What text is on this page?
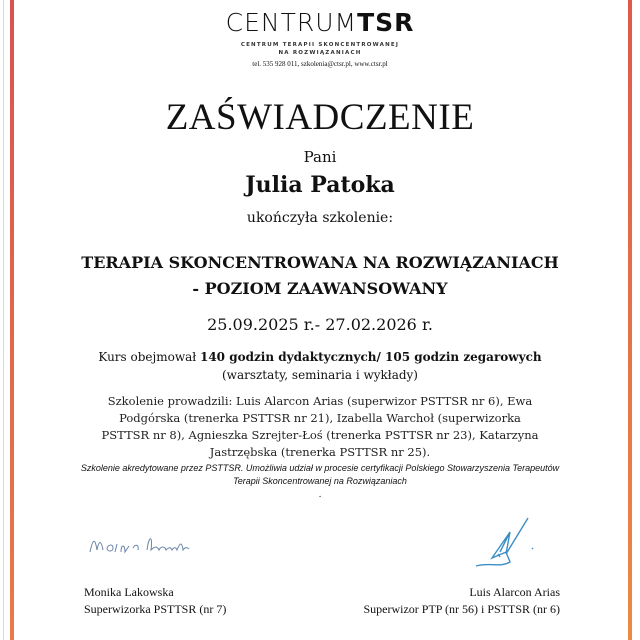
CENTRUMTSR
CENTRUM TERAPII SKONCENTROWANEJ
NA ROZWIĄZANIACH
tel. 535 928 011, szkolenia@ctsr.pl, www.ctsr.pl
ZAŚWIADCZENIE
Pani
Julia Patoka
ukończyła szkolenie:
TERAPIA SKONCENTROWANA NA ROZWIĄZANIACH
- POZIOM ZAAWANSOWANY
25.09.2025 r.- 27.02.2026 r.
Kurs obejmował 140 godzin dydaktycznych/ 105 godzin zegarowych
(warsztaty, seminaria i wykłady)
Szkolenie prowadzili: Luis Alarcon Arias (superwizor PSTTSR nr 6), Ewa Podgórska (trenerka PSTTSR nr 21), Izabella Warchoł (superwizorka PSTTSR nr 8), Agnieszka Szrejter-Łoś (trenerka PSTTSR nr 23), Katarzyna Jastrzębska (trenerka PSTTSR nr 25).
Szkolenie akredytowane przez PSTTSR. Umożliwia udział w procesie certyfikacji Polskiego Stowarzyszenia Terapeutów Terapii Skoncentrowanej na Rozwiązaniach
.
Monika Lakowska
Superwizorka PSTTSR (nr 7)
Luis Alarcon Arias
Superwizor PTP (nr 56) i PSTTSR (nr 6)
